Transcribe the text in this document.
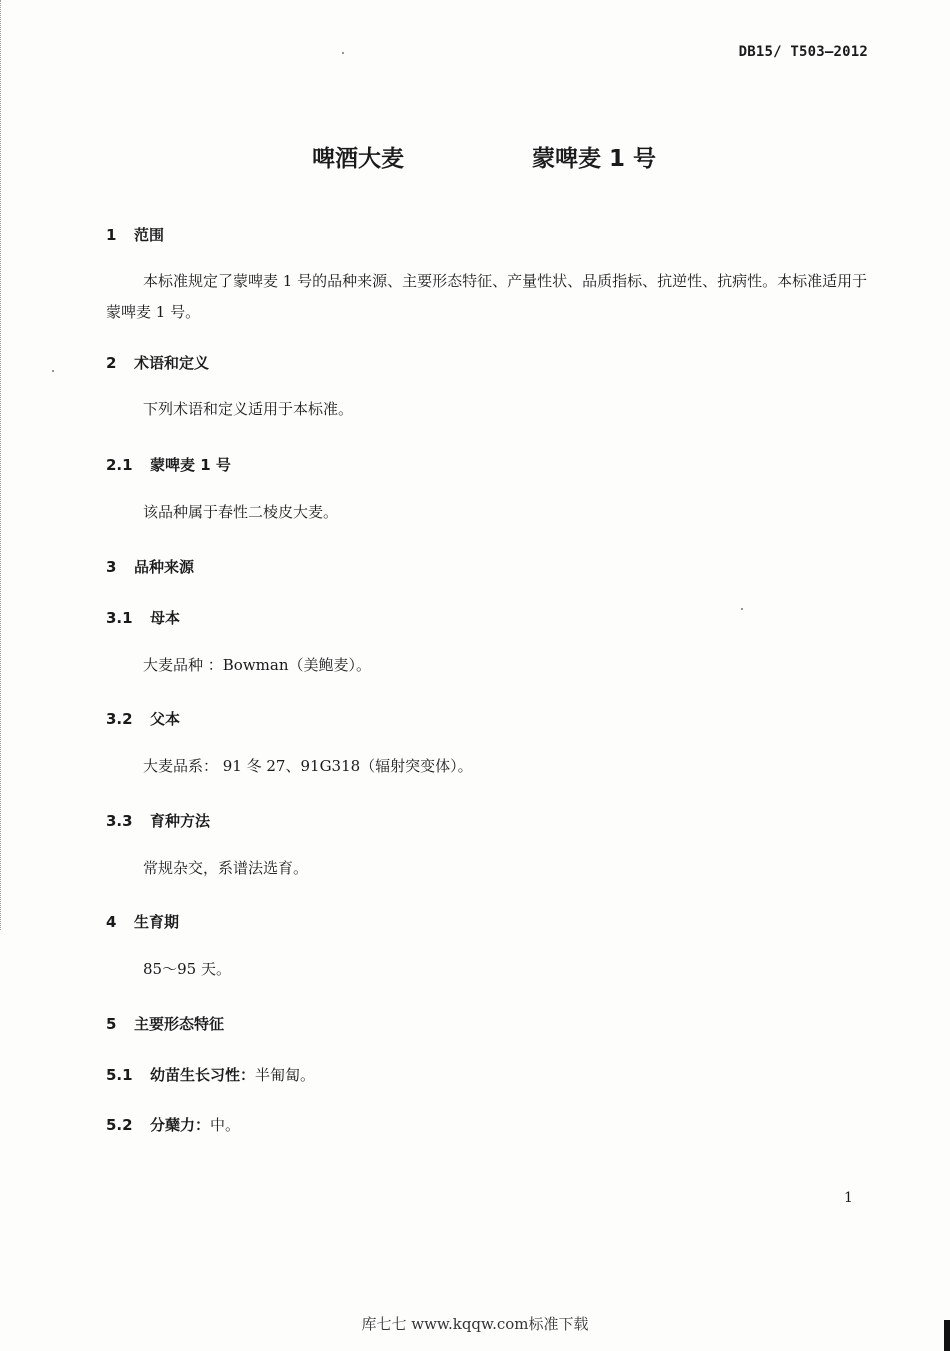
DB15/ T503—2012
啤酒大麦	蒙啤麦 1 号
1 范围
本标准规定了蒙啤麦 1 号的品种来源、主要形态特征、产量性状、品质指标、抗逆性、抗病性。本标准适用于蒙啤麦 1 号。
2 术语和定义
下列术语和定义适用于本标准。
2.1 蒙啤麦 1 号
该品种属于春性二棱皮大麦。
3 品种来源
3.1 母本
大麦品种 ：Bowman（美鲍麦）。
3.2 父本
大麦品系： 91 冬 27、91G318（辐射突变体）。
3.3 育种方法
常规杂交，系谱法选育。
4 生育期
85～95 天。
5 主要形态特征
5.1 幼苗生长习性：半匍匐。
5.2 分蘖力：中。
1
库七七 www.kqqw.com标准下载
